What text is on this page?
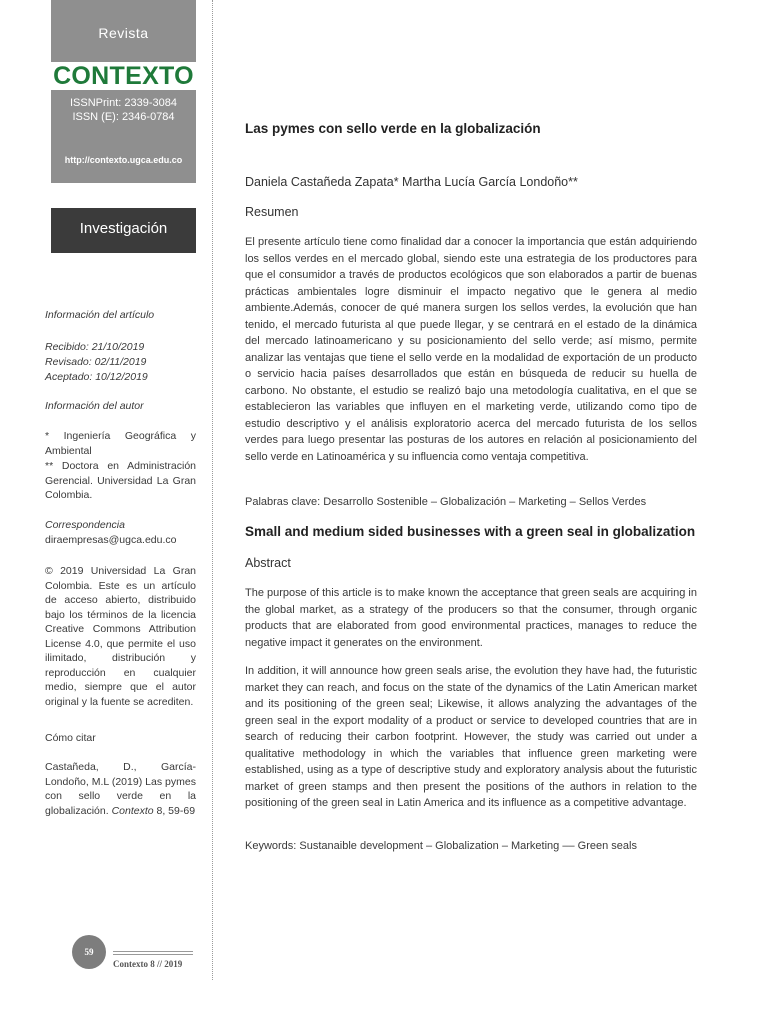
Revista
CONTEXTO
ISSNPrint: 2339-3084
ISSN (E): 2346-0784
http://contexto.ugca.edu.co
Investigación
Información del artículo
Recibido: 21/10/2019
Revisado: 02/11/2019
Aceptado: 10/12/2019
Información del autor
* Ingeniería Geográfica y Ambiental
** Doctora en Administración Gerencial. Universidad La Gran Colombia.
Correspondencia
diraempresas@ugca.edu.co
© 2019 Universidad La Gran Colombia. Este es un artículo de acceso abierto, distribuido bajo los términos de la licencia Creative Commons Attribution License 4.0, que permite el uso ilimitado, distribución y reproducción en cualquier medio, siempre que el autor original y la fuente se acrediten.
Cómo citar
Castañeda, D., García-Londoño, M.L (2019) Las pymes con sello verde en la globalización. Contexto 8, 59-69
Las pymes con sello verde en la globalización
Daniela Castañeda Zapata* Martha Lucía García Londoño**
Resumen
El presente artículo tiene como finalidad dar a conocer la importancia que están adquiriendo los sellos verdes en el mercado global, siendo este una estrategia de los productores para que el consumidor a través de productos ecológicos que son elaborados a partir de buenas prácticas ambientales logre disminuir el impacto negativo que le genera al medio ambiente.Además, conocer de qué manera surgen los sellos verdes, la evolución que han tenido, el mercado futurista al que puede llegar, y se centrará en el estado de la dinámica del mercado latinoamericano y su posicionamiento del sello verde; así mismo, permite analizar las ventajas que tiene el sello verde en la modalidad de exportación de un producto o servicio hacia países desarrollados que están en búsqueda de reducir su huella de carbono. No obstante, el estudio se realizó bajo una metodología cualitativa, en el que se establecieron las variables que influyen en el marketing verde, utilizando como tipo de estudio descriptivo y el análisis exploratorio acerca del mercado futurista de los sellos verdes para luego presentar las posturas de los autores en relación al posicionamiento del sello verde en Latinoamérica y su influencia como ventaja competitiva.
Palabras clave: Desarrollo Sostenible – Globalización – Marketing – Sellos Verdes
Small and medium sided businesses with a green seal in globalization
Abstract
The purpose of this article is to make known the acceptance that green seals are acquiring in the global market, as a strategy of the producers so that the consumer, through organic products that are elaborated from good environmental practices, manages to reduce the negative impact it generates on the environment.
In addition, it will announce how green seals arise, the evolution they have had, the futuristic market they can reach, and focus on the state of the dynamics of the Latin American market and its positioning of the green seal; Likewise, it allows analyzing the advantages of the green seal in the export modality of a product or service to developed countries that are in search of reducing their carbon footprint. However, the study was carried out under a qualitative methodology in which the variables that influence green marketing were established, using as a type of descriptive study and exploratory analysis about the futuristic market of green stamps and then present the positions of the authors in relation to the positioning of the green seal in Latin America and its influence as a competitive advantage.
Keywords: Sustanaible development – Globalization – Marketing –– Green seals
59
Contexto 8 // 2019
